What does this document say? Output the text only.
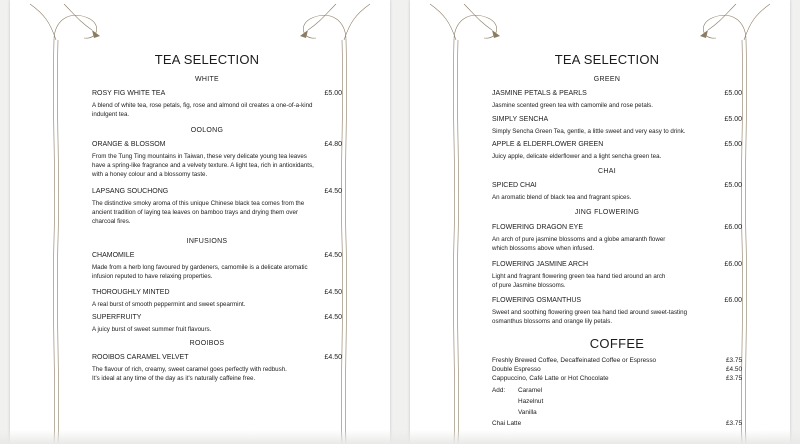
TEA SELECTION
WHITE
ROSY FIG WHITE TEA	£5.00
A blend of white tea, rose petals, fig, rose and almond oil creates a one-of-a-kind
indulgent tea.
OOLONG
ORANGE & BLOSSOM	£4.80
From the Tung Ting mountains in Taiwan, these very delicate young tea leaves
have a spring-like fragrance and a velvety texture. A light tea, rich in antioxidants,
with a honey colour and a blossomy taste.
LAPSANG SOUCHONG	£4.50
The distinctive smoky aroma of this unique Chinese black tea comes from the
ancient tradition of laying tea leaves on bamboo trays and drying them over
charcoal fires.
INFUSIONS
CHAMOMILE	£4.50
Made from a herb long favoured by gardeners, camomile is a delicate aromatic
infusion reputed to have relaxing properties.
THOROUGHLY MINTED	£4.50
A real burst of smooth peppermint and sweet spearmint.
SUPERFRUITY	£4.50
A juicy burst of sweet summer fruit flavours.
ROOIBOS
ROOIBOS CARAMEL VELVET	£4.50
The flavour of rich, creamy, sweet caramel goes perfectly with redbush.
It's ideal at any time of the day as it's naturally caffeine free.
TEA SELECTION
GREEN
JASMINE PETALS & PEARLS	£5.00
Jasmine scented green tea with camomile and rose petals.
SIMPLY SENCHA	£5.00
Simply Sencha Green Tea, gentle, a little sweet and very easy to drink.
APPLE & ELDERFLOWER GREEN	£5.00
Juicy apple, delicate elderflower and a light sencha green tea.
CHAI
SPICED CHAI	£5.00
An aromatic blend of black tea and fragrant spices.
JING FLOWERING
FLOWERING DRAGON EYE	£6.00
An arch of pure jasmine blossoms and a globe amaranth flower
which blossoms above when infused.
FLOWERING JASMINE ARCH	£6.00
Light and fragrant flowering green tea hand tied around an arch
of pure Jasmine blossoms.
FLOWERING OSMANTHUS	£6.00
Sweet and soothing flowering green tea hand tied around sweet-tasting
osmanthus blossoms and orange lily petals.
COFFEE
Freshly Brewed Coffee, Decaffeinated Coffee or Espresso	£3.75
Double Espresso	£4.50
Cappuccino, Café Latte or Hot Chocolate	£3.75
Add: Caramel
Hazelnut
Vanilla
Chai Latte	£3.75
